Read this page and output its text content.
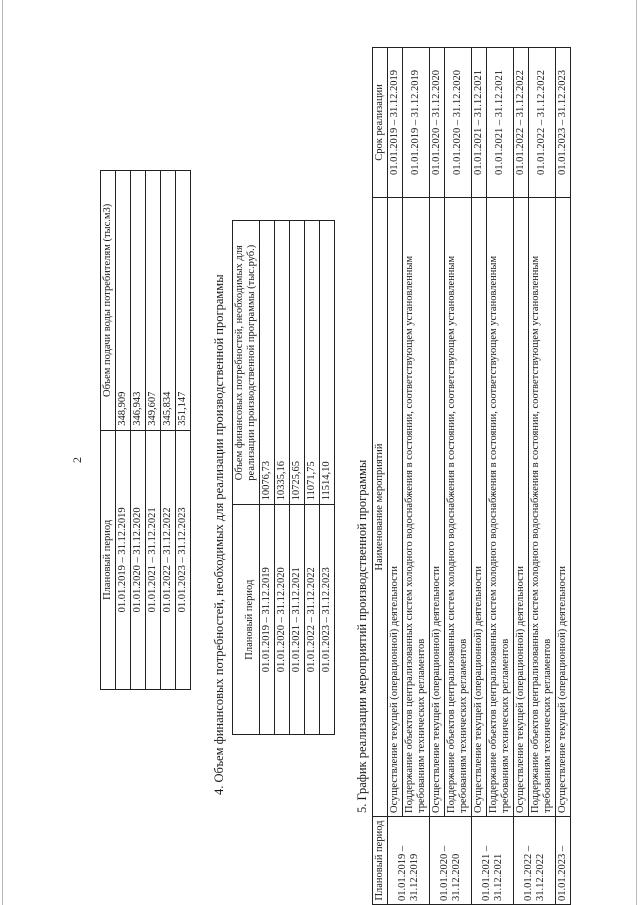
2
Плановый период	Объем подачи воды потребителям (тыс.м3)
01.01.2019 – 31.12.2019	348,909
01.01.2020 – 31.12.2020	346,943
01.01.2021 – 31.12.2021	349,607
01.01.2022 – 31.12.2022	345,834
01.01.2023 – 31.12.2023	351,147 4. Объем финансовых потребностей, необходимых для реализации производственной программы Плановый период	Объем финансовых потребностей, необходимых для реализации производственной программы (тыс.руб.)
01.01.2019 – 31.12.2019	10076,73
01.01.2020 – 31.12.2020	10335,16
01.01.2021 – 31.12.2021	10725,65
01.01.2022 – 31.12.2022	11071,75
01.01.2023 – 31.12.2023	11514,10 5. График реализации мероприятий производственной программы
Плановый период	Наименование мероприятий	Срок реализации
01.01.2019 – 31.12.2019	Осуществление текущей (операционной) деятельности	01.01.2019 – 31.12.2019
	Поддержание объектов централизованных систем холодного водоснабжения в состоянии, соответствующем установленным требованиям технических регламентов	01.01.2019 – 31.12.2019
01.01.2020 – 31.12.2020	Осуществление текущей (операционной) деятельности	01.01.2020 – 31.12.2020
	Поддержание объектов централизованных систем холодного водоснабжения в состоянии, соответствующем установленным требованиям технических регламентов	01.01.2020 – 31.12.2020
01.01.2021 – 31.12.2021	Осуществление текущей (операционной) деятельности	01.01.2021 – 31.12.2021
	Поддержание объектов централизованных систем холодного водоснабжения в состоянии, соответствующем установленным требованиям технических регламентов	01.01.2021 – 31.12.2021
01.01.2022 – 31.12.2022	Осуществление текущей (операционной) деятельности	01.01.2022 – 31.12.2022
	Поддержание объектов централизованных систем холодного водоснабжения в состоянии, соответствующем установленным требованиям технических регламентов	01.01.2022 – 31.12.2022
01.01.2023 –	Осуществление текущей (операционной) деятельности	01.01.2023 – 31.12.2023
